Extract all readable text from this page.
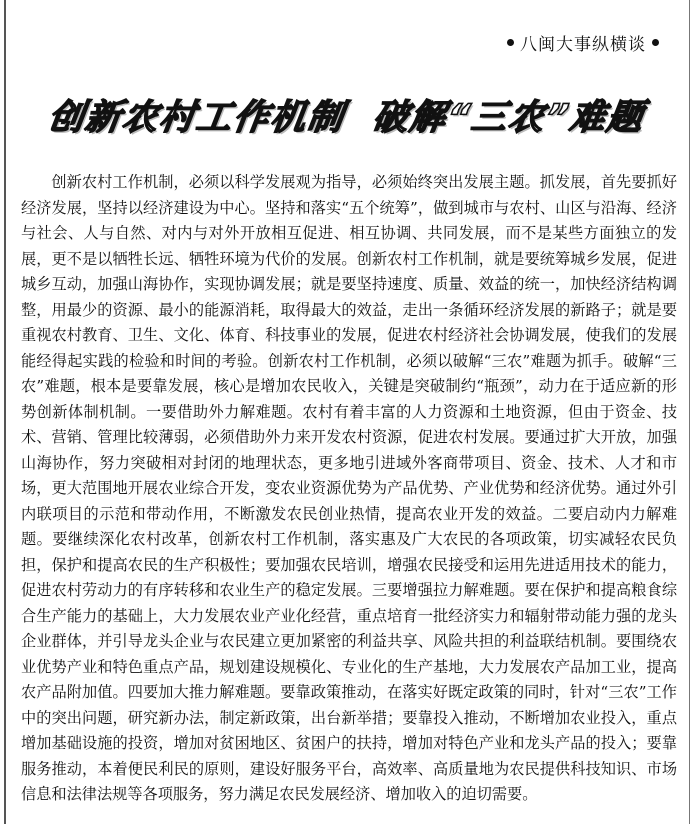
八闽大事纵横谈
创新农村工作机制  破解“三农”难题

创新农村工作机制，必须以科学发展观为指导，必须始终突出发展主题。抓发展，首先要抓好经济发展，坚持以经济建设为中心。坚持和落实“五个统筹”，做到城市与农村、山区与沿海、经济与社会、人与自然、对内与对外开放相互促进、相互协调、共同发展，而不是某些方面独立的发展，更不是以牺牲长远、牺牲环境为代价的发展。创新农村工作机制，就是要统筹城乡发展，促进城乡互动，加强山海协作，实现协调发展；就是要坚持速度、质量、效益的统一，加快经济结构调整，用最少的资源、最小的能源消耗，取得最大的效益，走出一条循环经济发展的新路子；就是要重视农村教育、卫生、文化、体育、科技事业的发展，促进农村经济社会协调发展，使我们的发展能经得起实践的检验和时间的考验。创新农村工作机制，必须以破解“三农”难题为抓手。破解“三农”难题，根本是要靠发展，核心是增加农民收入，关键是突破制约“瓶颈”，动力在于适应新的形势创新体制机制。一要借助外力解难题。农村有着丰富的人力资源和土地资源，但由于资金、技术、营销、管理比较薄弱，必须借助外力来开发农村资源，促进农村发展。要通过扩大开放，加强山海协作，努力突破相对封闭的地理状态，更多地引进域外客商带项目、资金、技术、人才和市场，更大范围地开展农业综合开发，变农业资源优势为产品优势、产业优势和经济优势。通过外引内联项目的示范和带动作用，不断激发农民创业热情，提高农业开发的效益。二要启动内力解难题。要继续深化农村改革，创新农村工作机制，落实惠及广大农民的各项政策，切实减轻农民负担，保护和提高农民的生产积极性；要加强农民培训，增强农民接受和运用先进适用技术的能力，促进农村劳动力的有序转移和农业生产的稳定发展。三要增强拉力解难题。要在保护和提高粮食综合生产能力的基础上，大力发展农业产业化经营，重点培育一批经济实力和辐射带动能力强的龙头企业群体，并引导龙头企业与农民建立更加紧密的利益共享、风险共担的利益联结机制。要围绕农业优势产业和特色重点产品，规划建设规模化、专业化的生产基地，大力发展农产品加工业，提高农产品附加值。四要加大推力解难题。要靠政策推动，在落实好既定政策的同时，针对“三农”工作中的突出问题，研究新办法，制定新政策，出台新举措；要靠投入推动，不断增加农业投入，重点增加基础设施的投资，增加对贫困地区、贫困户的扶持，增加对特色产业和龙头产品的投入；要靠服务推动，本着便民利民的原则，建设好服务平台，高效率、高质量地为农民提供科技知识、市场信息和法律法规等各项服务，努力满足农民发展经济、增加收入的迫切需要。
